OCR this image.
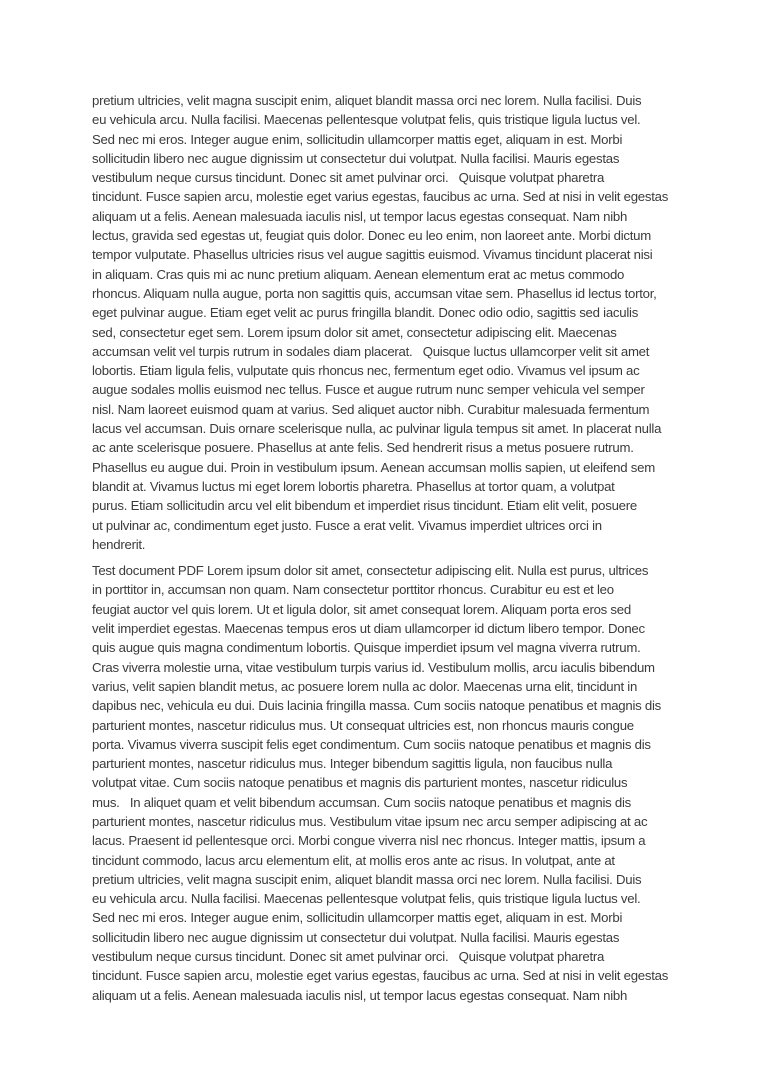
pretium ultricies, velit magna suscipit enim, aliquet blandit massa orci nec lorem. Nulla facilisi. Duis
eu vehicula arcu. Nulla facilisi. Maecenas pellentesque volutpat felis, quis tristique ligula luctus vel.
Sed nec mi eros. Integer augue enim, sollicitudin ullamcorper mattis eget, aliquam in est. Morbi
sollicitudin libero nec augue dignissim ut consectetur dui volutpat. Nulla facilisi. Mauris egestas
vestibulum neque cursus tincidunt. Donec sit amet pulvinar orci.   Quisque volutpat pharetra
tincidunt. Fusce sapien arcu, molestie eget varius egestas, faucibus ac urna. Sed at nisi in velit egestas
aliquam ut a felis. Aenean malesuada iaculis nisl, ut tempor lacus egestas consequat. Nam nibh
lectus, gravida sed egestas ut, feugiat quis dolor. Donec eu leo enim, non laoreet ante. Morbi dictum
tempor vulputate. Phasellus ultricies risus vel augue sagittis euismod. Vivamus tincidunt placerat nisi
in aliquam. Cras quis mi ac nunc pretium aliquam. Aenean elementum erat ac metus commodo
rhoncus. Aliquam nulla augue, porta non sagittis quis, accumsan vitae sem. Phasellus id lectus tortor,
eget pulvinar augue. Etiam eget velit ac purus fringilla blandit. Donec odio odio, sagittis sed iaculis
sed, consectetur eget sem. Lorem ipsum dolor sit amet, consectetur adipiscing elit. Maecenas
accumsan velit vel turpis rutrum in sodales diam placerat.   Quisque luctus ullamcorper velit sit amet
lobortis. Etiam ligula felis, vulputate quis rhoncus nec, fermentum eget odio. Vivamus vel ipsum ac
augue sodales mollis euismod nec tellus. Fusce et augue rutrum nunc semper vehicula vel semper
nisl. Nam laoreet euismod quam at varius. Sed aliquet auctor nibh. Curabitur malesuada fermentum
lacus vel accumsan. Duis ornare scelerisque nulla, ac pulvinar ligula tempus sit amet. In placerat nulla
ac ante scelerisque posuere. Phasellus at ante felis. Sed hendrerit risus a metus posuere rutrum.
Phasellus eu augue dui. Proin in vestibulum ipsum. Aenean accumsan mollis sapien, ut eleifend sem
blandit at. Vivamus luctus mi eget lorem lobortis pharetra. Phasellus at tortor quam, a volutpat
purus. Etiam sollicitudin arcu vel elit bibendum et imperdiet risus tincidunt. Etiam elit velit, posuere
ut pulvinar ac, condimentum eget justo. Fusce a erat velit. Vivamus imperdiet ultrices orci in
hendrerit.
Test document PDF Lorem ipsum dolor sit amet, consectetur adipiscing elit. Nulla est purus, ultrices
in porttitor in, accumsan non quam. Nam consectetur porttitor rhoncus. Curabitur eu est et leo
feugiat auctor vel quis lorem. Ut et ligula dolor, sit amet consequat lorem. Aliquam porta eros sed
velit imperdiet egestas. Maecenas tempus eros ut diam ullamcorper id dictum libero tempor. Donec
quis augue quis magna condimentum lobortis. Quisque imperdiet ipsum vel magna viverra rutrum.
Cras viverra molestie urna, vitae vestibulum turpis varius id. Vestibulum mollis, arcu iaculis bibendum
varius, velit sapien blandit metus, ac posuere lorem nulla ac dolor. Maecenas urna elit, tincidunt in
dapibus nec, vehicula eu dui. Duis lacinia fringilla massa. Cum sociis natoque penatibus et magnis dis
parturient montes, nascetur ridiculus mus. Ut consequat ultricies est, non rhoncus mauris congue
porta. Vivamus viverra suscipit felis eget condimentum. Cum sociis natoque penatibus et magnis dis
parturient montes, nascetur ridiculus mus. Integer bibendum sagittis ligula, non faucibus nulla
volutpat vitae. Cum sociis natoque penatibus et magnis dis parturient montes, nascetur ridiculus
mus.   In aliquet quam et velit bibendum accumsan. Cum sociis natoque penatibus et magnis dis
parturient montes, nascetur ridiculus mus. Vestibulum vitae ipsum nec arcu semper adipiscing at ac
lacus. Praesent id pellentesque orci. Morbi congue viverra nisl nec rhoncus. Integer mattis, ipsum a
tincidunt commodo, lacus arcu elementum elit, at mollis eros ante ac risus. In volutpat, ante at
pretium ultricies, velit magna suscipit enim, aliquet blandit massa orci nec lorem. Nulla facilisi. Duis
eu vehicula arcu. Nulla facilisi. Maecenas pellentesque volutpat felis, quis tristique ligula luctus vel.
Sed nec mi eros. Integer augue enim, sollicitudin ullamcorper mattis eget, aliquam in est. Morbi
sollicitudin libero nec augue dignissim ut consectetur dui volutpat. Nulla facilisi. Mauris egestas
vestibulum neque cursus tincidunt. Donec sit amet pulvinar orci.   Quisque volutpat pharetra
tincidunt. Fusce sapien arcu, molestie eget varius egestas, faucibus ac urna. Sed at nisi in velit egestas
aliquam ut a felis. Aenean malesuada iaculis nisl, ut tempor lacus egestas consequat. Nam nibh
